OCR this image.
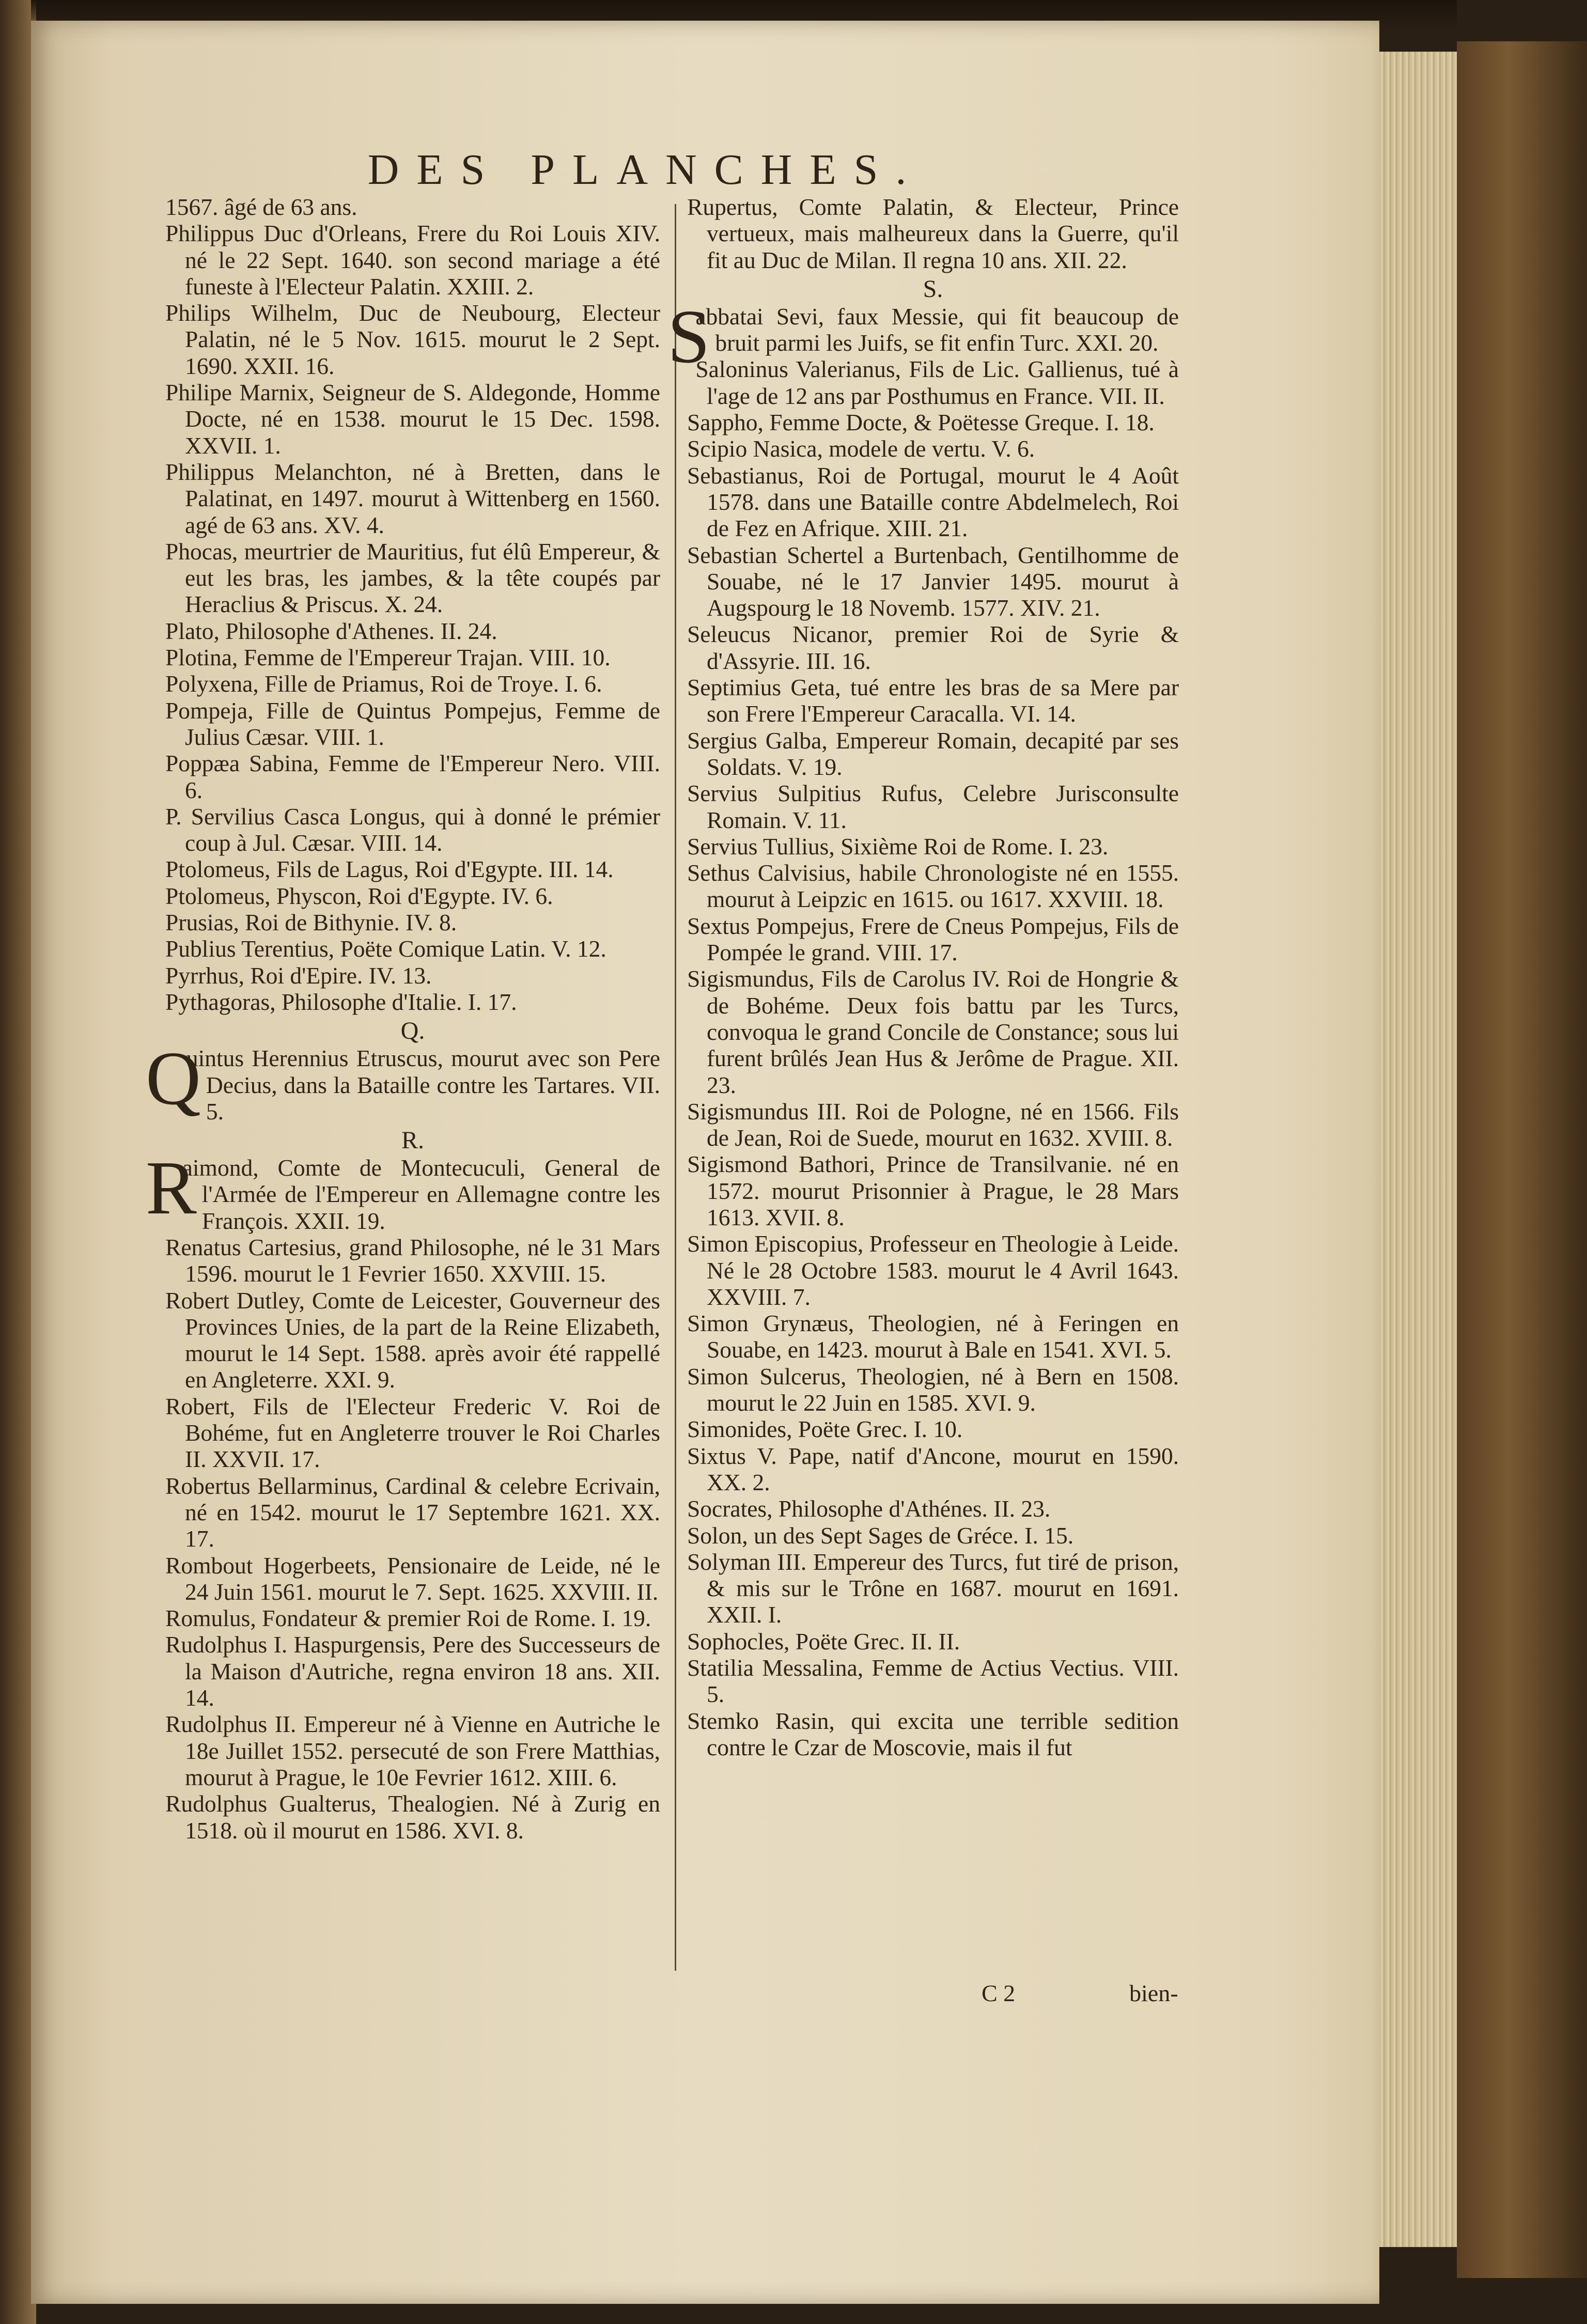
DES PLANCHES.

1567. âgé de 63 ans.

Philippus Duc d'Orleans, Frere du Roi Louis XIV. né le 22 Sept. 1640. son second mariage a été funeste à l'Electeur Palatin. XXIII. 2.

Philips Wilhelm, Duc de Neubourg, Electeur Palatin, né le 5 Nov. 1615. mourut le 2 Sept. 1690. XXII. 16.

Philipe Marnix, Seigneur de S. Aldegonde, Homme Docte, né en 1538. mourut le 15 Dec. 1598. XXVII. 1.

Philippus Melanchton, né à Bretten, dans le Palatinat, en 1497. mourut à Wittenberg en 1560. agé de 63 ans. XV. 4.

Phocas, meurtrier de Mauritius, fut élû Empereur, & eut les bras, les jambes, & la tête coupés par Heraclius & Priscus. X. 24.

Plato, Philosophe d'Athenes. II. 24.

Plotina, Femme de l'Empereur Trajan. VIII. 10.

Polyxena, Fille de Priamus, Roi de Troye. I. 6.

Pompeja, Fille de Quintus Pompejus, Femme de Julius Cæsar. VIII. 1.

Poppæa Sabina, Femme de l'Empereur Nero. VIII. 6.

P. Servilius Casca Longus, qui à donné le prémier coup à Jul. Cæsar. VIII. 14.

Ptolomeus, Fils de Lagus, Roi d'Egypte. III. 14.

Ptolomeus, Physcon, Roi d'Egypte. IV. 6.

Prusias, Roi de Bithynie. IV. 8.

Publius Terentius, Poëte Comique Latin. V. 12.

Pyrrhus, Roi d'Epire. IV. 13.

Pythagoras, Philosophe d'Italie. I. 17.

Q.

Q
uintus Herennius Etruscus, mourut avec son Pere Decius, dans la Bataille contre les Tartares. VII. 5.

R.

R
aimond, Comte de Montecuculi, General de l'Armée de l'Empereur en Allemagne contre les François. XXII. 19.

Renatus Cartesius, grand Philosophe, né le 31 Mars 1596. mourut le 1 Fevrier 1650. XXVIII. 15.

Robert Dutley, Comte de Leicester, Gouverneur des Provinces Unies, de la part de la Reine Elizabeth, mourut le 14 Sept. 1588. après avoir été rappellé en Angleterre. XXI. 9.

Robert, Fils de l'Electeur Frederic V. Roi de Bohéme, fut en Angleterre trouver le Roi Charles II. XXVII. 17.

Robertus Bellarminus, Cardinal & celebre Ecrivain, né en 1542. mourut le 17 Septembre 1621. XX. 17.

Rombout Hogerbeets, Pensionaire de Leide, né le 24 Juin 1561. mourut le 7. Sept. 1625. XXVIII. II.

Romulus, Fondateur & premier Roi de Rome. I. 19.

Rudolphus I. Haspurgensis, Pere des Successeurs de la Maison d'Autriche, regna environ 18 ans. XII. 14.

Rudolphus II. Empereur né à Vienne en Autriche le 18e Juillet 1552. persecuté de son Frere Matthias, mourut à Prague, le 10e Fevrier 1612. XIII. 6.

Rudolphus Gualterus, Thealogien. Né à Zurig en 1518. où il mourut en 1586. XVI. 8.

Rupertus, Comte Palatin, & Electeur, Prince vertueux, mais malheureux dans la Guerre, qu'il fit au Duc de Milan. Il regna 10 ans. XII. 22.

S.

S
abbatai Sevi, faux Messie, qui fit beaucoup de bruit parmi les Juifs, se fit enfin Turc. XXI. 20.

Saloninus Valerianus, Fils de Lic. Gallienus, tué à l'age de 12 ans par Posthumus en France. VII. II.

Sappho, Femme Docte, & Poëtesse Greque. I. 18.

Scipio Nasica, modele de vertu. V. 6.

Sebastianus, Roi de Portugal, mourut le 4 Août 1578. dans une Bataille contre Abdelmelech, Roi de Fez en Afrique. XIII. 21.

Sebastian Schertel a Burtenbach, Gentilhomme de Souabe, né le 17 Janvier 1495. mourut à Augspourg le 18 Novemb. 1577. XIV. 21.

Seleucus Nicanor, premier Roi de Syrie & d'Assyrie. III. 16.

Septimius Geta, tué entre les bras de sa Mere par son Frere l'Empereur Caracalla. VI. 14.

Sergius Galba, Empereur Romain, decapité par ses Soldats. V. 19.

Servius Sulpitius Rufus, Celebre Jurisconsulte Romain. V. 11.

Servius Tullius, Sixième Roi de Rome. I. 23.

Sethus Calvisius, habile Chronologiste né en 1555. mourut à Leipzic en 1615. ou 1617. XXVIII. 18.

Sextus Pompejus, Frere de Cneus Pompejus, Fils de Pompée le grand. VIII. 17.

Sigismundus, Fils de Carolus IV. Roi de Hongrie & de Bohéme. Deux fois battu par les Turcs, convoqua le grand Concile de Constance; sous lui furent brûlés Jean Hus & Jerôme de Prague. XII. 23.

Sigismundus III. Roi de Pologne, né en 1566. Fils de Jean, Roi de Suede, mourut en 1632. XVIII. 8.

Sigismond Bathori, Prince de Transilvanie. né en 1572. mourut Prisonnier à Prague, le 28 Mars 1613. XVII. 8.

Simon Episcopius, Professeur en Theologie à Leide. Né le 28 Octobre 1583. mourut le 4 Avril 1643. XXVIII. 7.

Simon Grynæus, Theologien, né à Feringen en Souabe, en 1423. mourut à Bale en 1541. XVI. 5.

Simon Sulcerus, Theologien, né à Bern en 1508. mourut le 22 Juin en 1585. XVI. 9.

Simonides, Poëte Grec. I. 10.

Sixtus V. Pape, natif d'Ancone, mourut en 1590. XX. 2.

Socrates, Philosophe d'Athénes. II. 23.

Solon, un des Sept Sages de Gréce. I. 15.

Solyman III. Empereur des Turcs, fut tiré de prison, & mis sur le Trône en 1687. mourut en 1691. XXII. I.

Sophocles, Poëte Grec. II. II.

Statilia Messalina, Femme de Actius Vectius. VIII. 5.

Stemko Rasin, qui excita une terrible sedition contre le Czar de Moscovie, mais il fut

C 2	bien-
